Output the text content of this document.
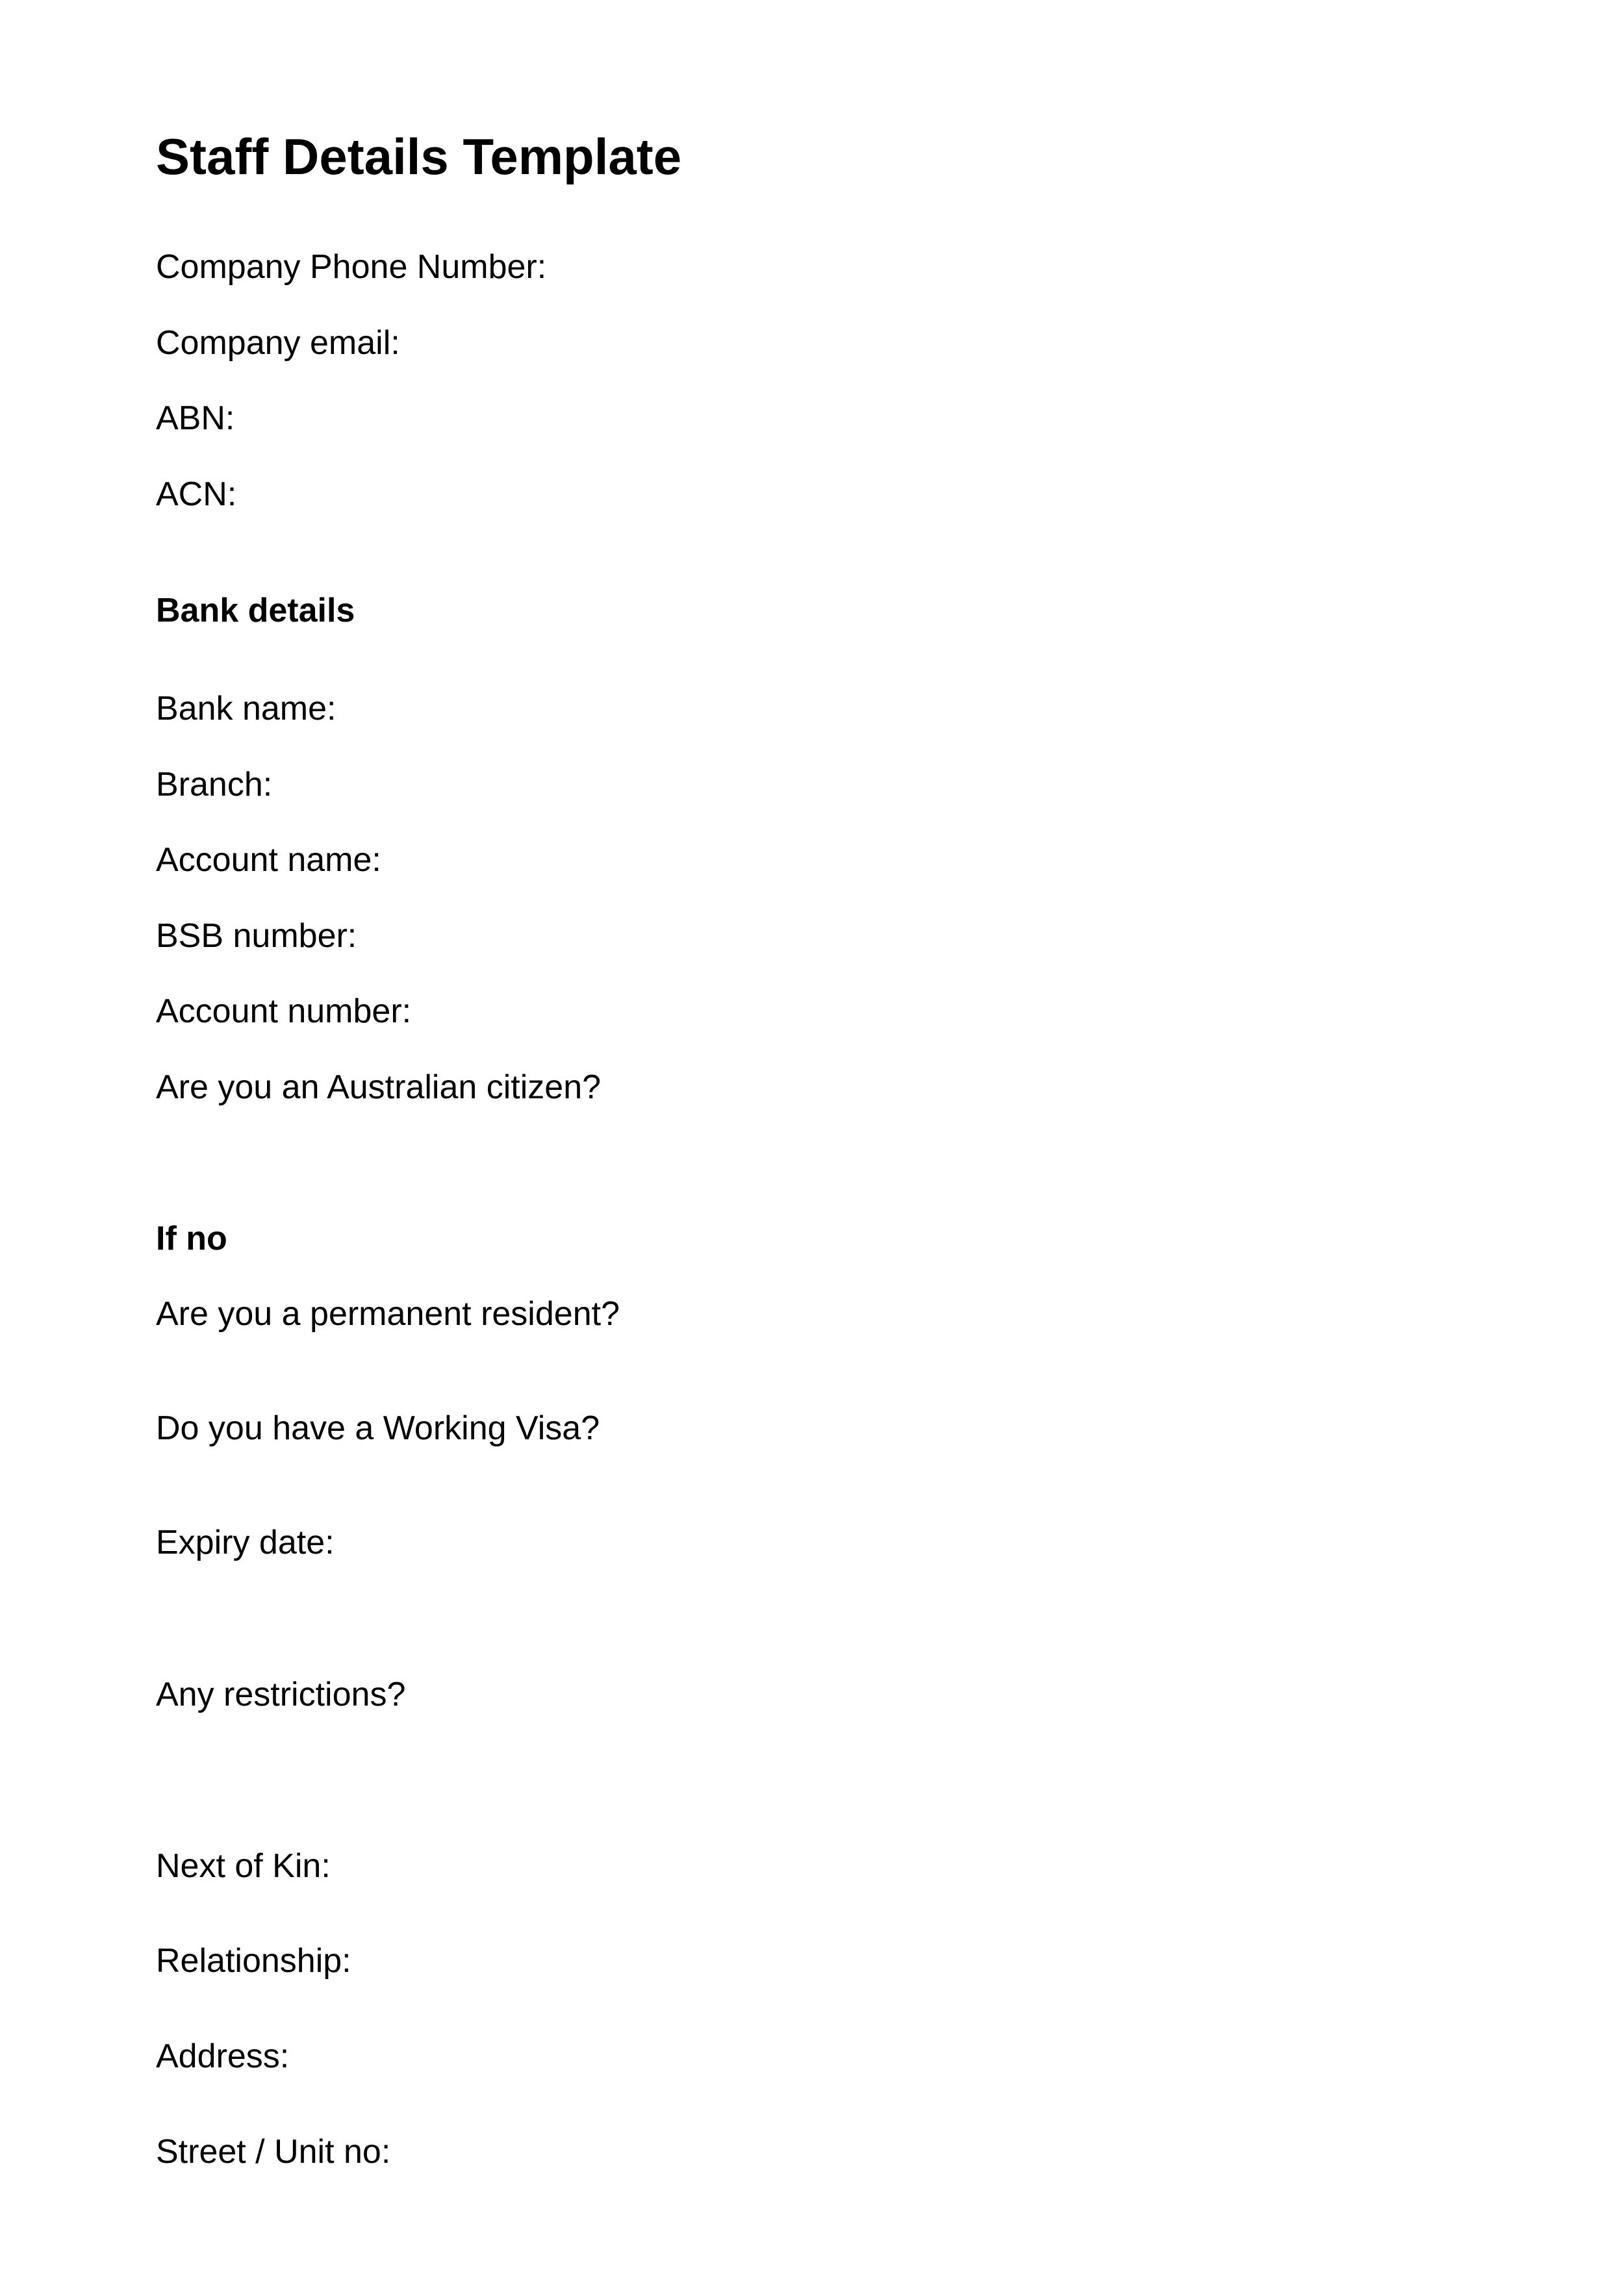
Staff Details Template
Company Phone Number:
Company email:
ABN:
ACN:
Bank details
Bank name:
Branch:
Account name:
BSB number:
Account number:
Are you an Australian citizen?
If no
Are you a permanent resident?
Do you have a Working Visa?
Expiry date:
Any restrictions?
Next of Kin:
Relationship:
Address:
Street / Unit no:
